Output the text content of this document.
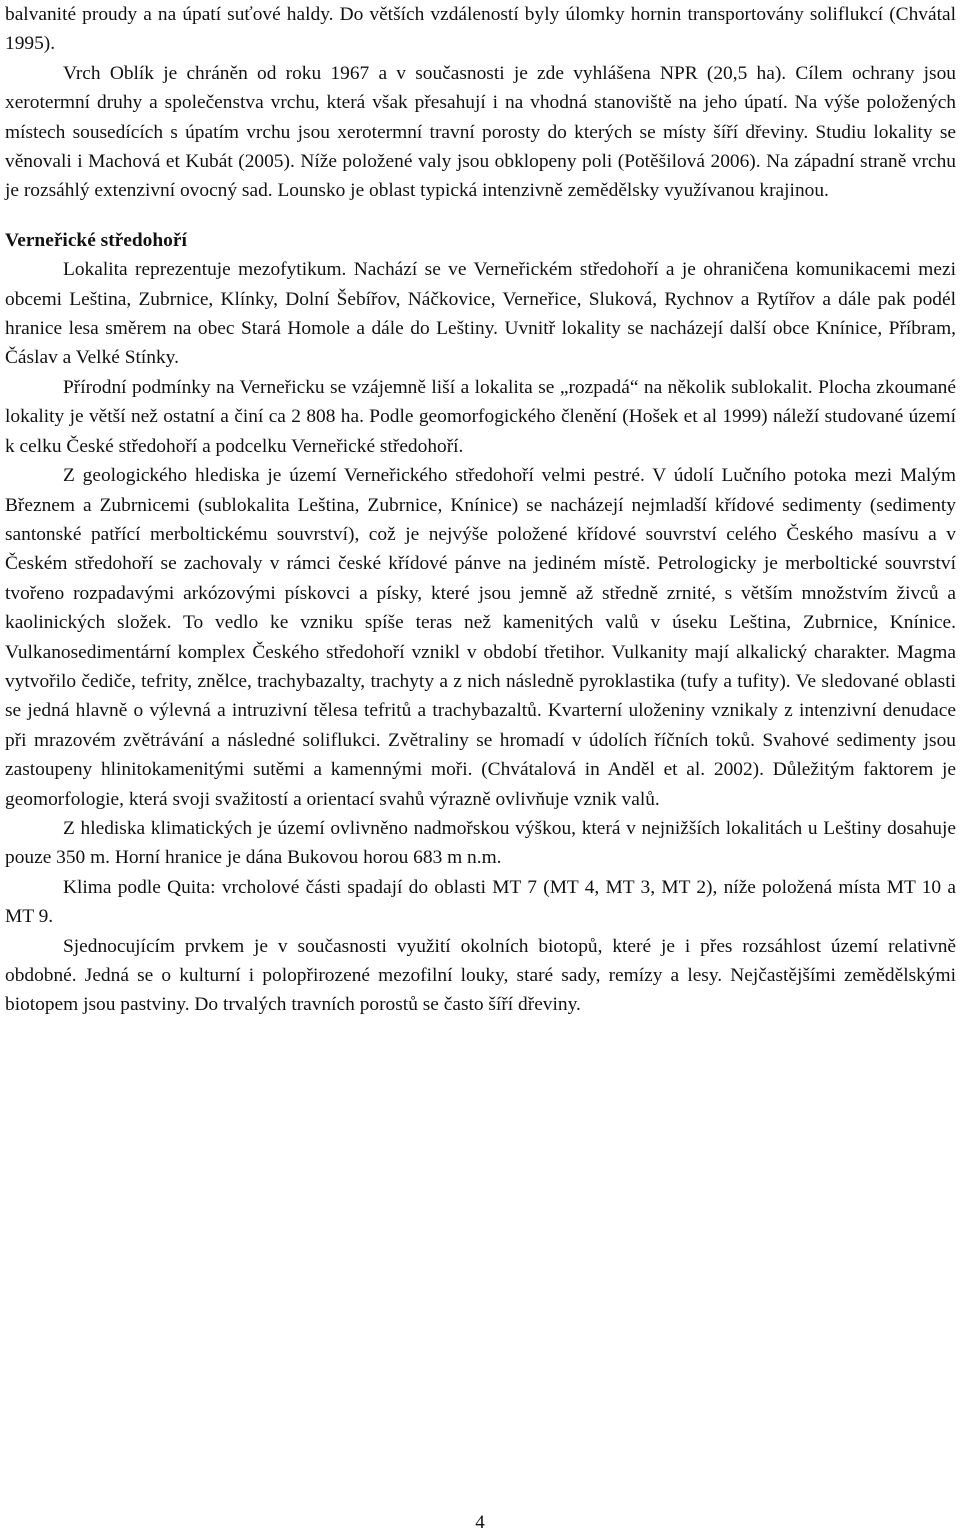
balvanité proudy a na úpatí suťové haldy. Do větších vzdáleností byly úlomky hornin transportovány soliflukcí (Chvátal 1995).

Vrch Oblík je chráněn od roku 1967 a v současnosti je zde vyhlášena NPR (20,5 ha). Cílem ochrany jsou xerotermní druhy a společenstva vrchu, která však přesahují i na vhodná stanoviště na jeho úpatí. Na výše položených místech sousedících s úpatím vrchu jsou xerotermní travní porosty do kterých se místy šíří dřeviny. Studiu lokality se věnovali i Machová et Kubát (2005). Níže položené valy jsou obklopeny poli (Potěšilová 2006). Na západní straně vrchu je rozsáhlý extenzivní ovocný sad. Lounsko je oblast typická intenzivně zemědělsky využívanou krajinou.

Verneřické středohoří

Lokalita reprezentuje mezofytikum. Nachází se ve Verneřickém středohoří a je ohraničena komunikacemi mezi obcemi Leština, Zubrnice, Klínky, Dolní Šebířov, Náčkovice, Verneřice, Sluková, Rychnov a Rytířov a dále pak podél hranice lesa směrem na obec Stará Homole a dále do Leštiny. Uvnitř lokality se nacházejí další obce Knínice, Příbram, Čáslav a Velké Stínky.

Přírodní podmínky na Verneřicku se vzájemně liší a lokalita se „rozpadá“ na několik sublokalit. Plocha zkoumané lokality je větší než ostatní a činí ca 2 808 ha. Podle geomorfogického členění (Hošek et al 1999) náleží studované území k celku České středohoří a podcelku Verneřické středohoří.

Z geologického hlediska je území Verneřického středohoří velmi pestré. V údolí Lučního potoka mezi Malým Březnem a Zubrnicemi (sublokalita Leština, Zubrnice, Knínice) se nacházejí nejmladší křídové sedimenty (sedimenty santonské patřící merboltickému souvrství), což je nejvýše položené křídové souvrství celého Českého masívu a v Českém středohoří se zachovaly v rámci české křídové pánve na jediném místě. Petrologicky je merboltické souvrství tvořeno rozpadavými arkózovými pískovci a písky, které jsou jemně až středně zrnité, s větším množstvím živců a kaolinických složek. To vedlo ke vzniku spíše teras než kamenitých valů v úseku Leština, Zubrnice, Knínice. Vulkanosedimentární komplex Českého středohoří vznikl v období třetihor. Vulkanity mají alkalický charakter. Magma vytvořilo čediče, tefrity, znělce, trachybazalty, trachyty a z nich následně pyroklastika (tufy a tufity). Ve sledované oblasti se jedná hlavně o výlevná a intruzivní tělesa tefritů a trachybazaltů. Kvarterní uloženiny vznikaly z intenzivní denudace při mrazovém zvětrávání a následné soliflukci. Zvětraliny se hromadí v údolích říčních toků. Svahové sedimenty jsou zastoupeny hlinitokamenitými sutěmi a kamennými moři. (Chvátalová in Anděl et al. 2002). Důležitým faktorem je geomorfologie, která svoji svažitostí a orientací svahů výrazně ovlivňuje vznik valů.

Z hlediska klimatických je území ovlivněno nadmořskou výškou, která v nejnižších lokalitách u Leštiny dosahuje pouze 350 m. Horní hranice je dána Bukovou horou 683 m n.m.

Klima podle Quita: vrcholové části spadají do oblasti MT 7 (MT 4, MT 3, MT 2), níže položená místa MT 10 a MT 9.

Sjednocujícím prvkem je v současnosti využití okolních biotopů, které je i přes rozsáhlost území relativně obdobné. Jedná se o kulturní i polopřirozené mezofilní louky, staré sady, remízy a lesy. Nejčastějšími zemědělskými biotopem jsou pastviny. Do trvalých travních porostů se často šíří dřeviny.

4
